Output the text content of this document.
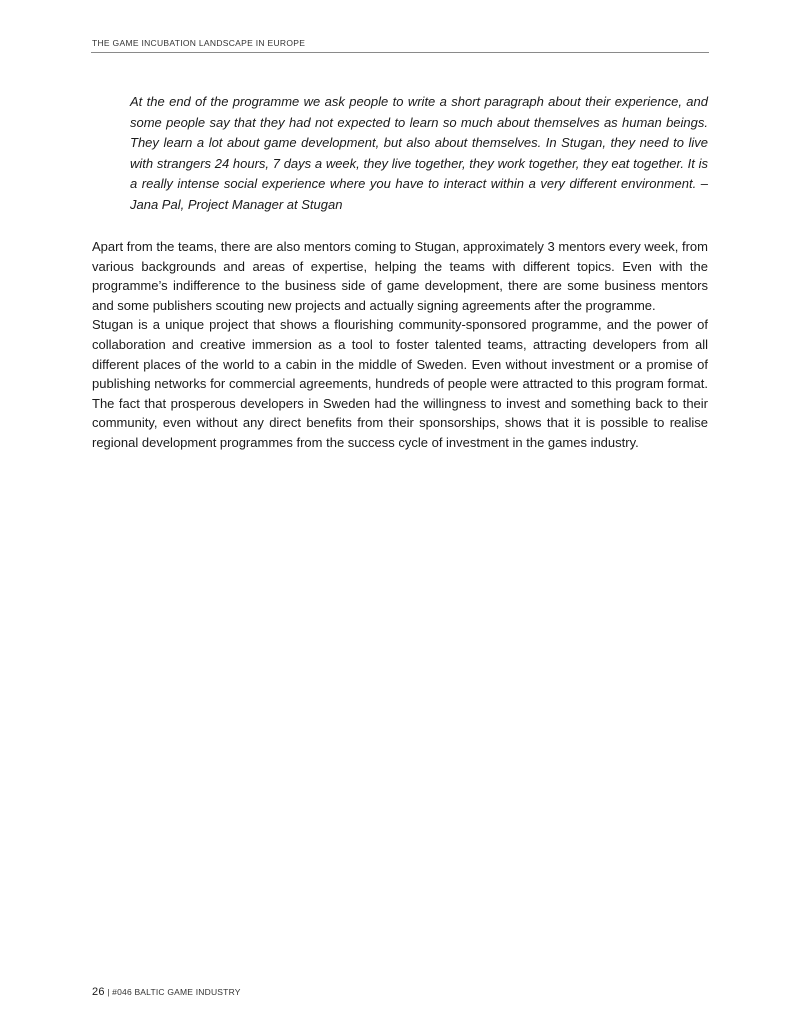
THE GAME INCUBATION LANDSCAPE IN EUROPE

At the end of the programme we ask people to write a short paragraph about their experience, and some people say that they had not expected to learn so much about themselves as human beings. They learn a lot about game development, but also about themselves. In Stugan, they need to live with strangers 24 hours, 7 days a week, they live together, they work together, they eat together. It is a really intense social experience where you have to interact within a very different environment. – Jana Pal, Project Manager at Stugan

Apart from the teams, there are also mentors coming to Stugan, approximately 3 mentors every week, from various backgrounds and areas of expertise, helping the teams with different topics. Even with the programme’s indifference to the business side of game development, there are some business mentors and some publishers scouting new projects and actually signing agreements after the programme.

Stugan is a unique project that shows a flourishing community-sponsored programme, and the power of collaboration and creative immersion as a tool to foster talented teams, attracting developers from all different places of the world to a cabin in the middle of Sweden. Even without investment or a promise of publishing networks for commercial agreements, hundreds of people were attracted to this program format. The fact that prosperous developers in Sweden had the willingness to invest and something back to their community, even without any direct benefits from their sponsorships, shows that it is possible to realise regional development programmes from the success cycle of investment in the games industry.

26 | #046 BALTIC GAME INDUSTRY
